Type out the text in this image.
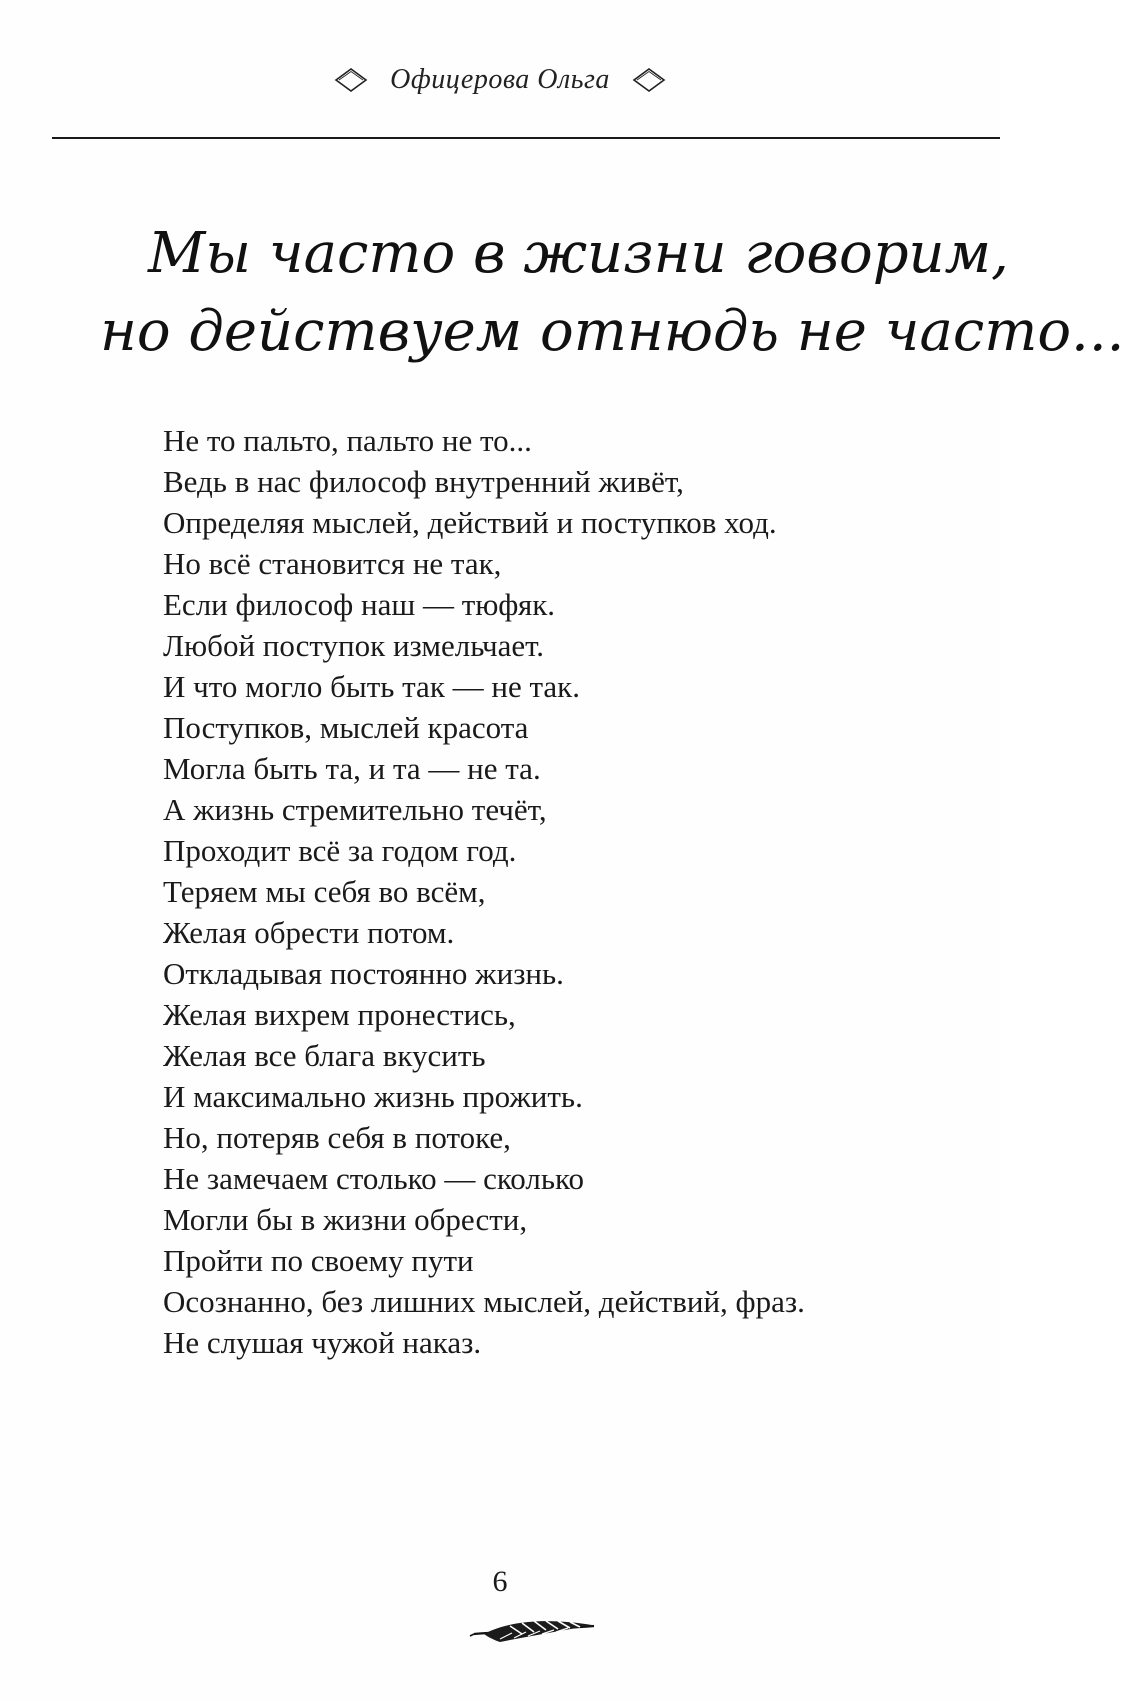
Офицерова Ольга
Мы часто в жизни говорим,
но действуем отнюдь не часто...
Не то пальто, пальто не то...
Ведь в нас философ внутренний живёт,
Определяя мыслей, действий и поступков ход.
Но всё становится не так,
Если философ наш — тюфяк.
Любой поступок измельчает.
И что могло быть так — не так.
Поступков, мыслей красота
Могла быть та, и та — не та.
А жизнь стремительно течёт,
Проходит всё за годом год.
Теряем мы себя во всём,
Желая обрести потом.
Откладывая постоянно жизнь.
Желая вихрем пронестись,
Желая все блага вкусить
И максимально жизнь прожить.
Но, потеряв себя в потоке,
Не замечаем столько — сколько
Могли бы в жизни обрести,
Пройти по своему пути
Осознанно, без лишних мыслей, действий, фраз.
Не слушая чужой наказ.
6
